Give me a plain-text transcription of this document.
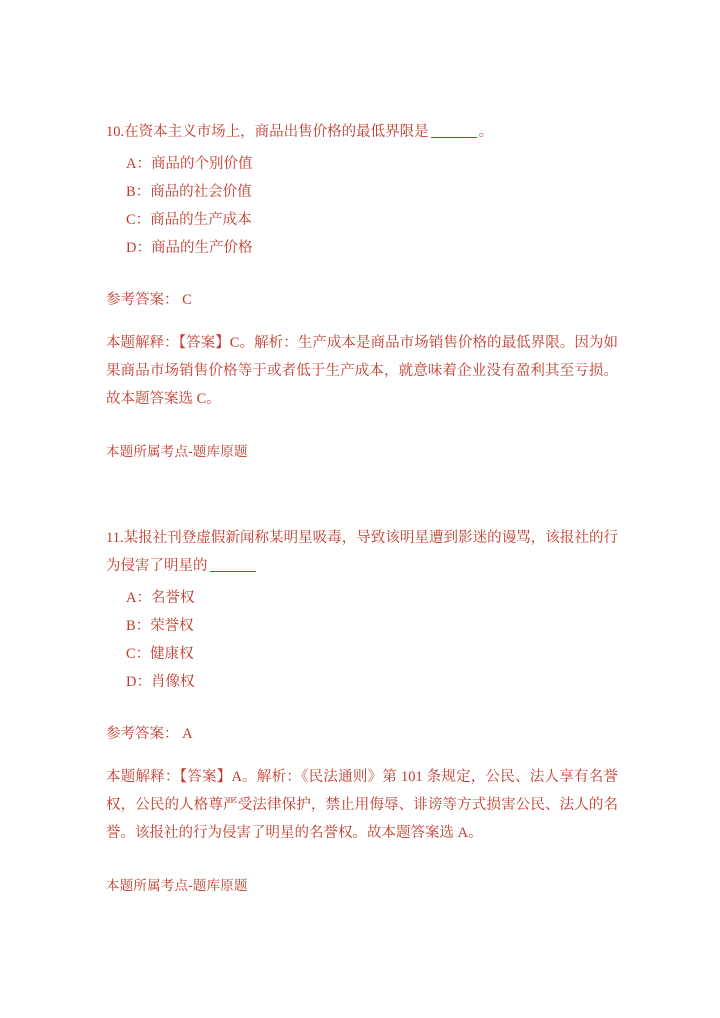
10.在资本主义市场上，商品出售价格的最低界限是	。

A：商品的个别价值
B：商品的社会价值
C：商品的生产成本
D：商品的生产价格

参考答案： C

本题解释：【答案】C。解析：生产成本是商品市场销售价格的最低界限。因为如果商品市场销售价格等于或者低于生产成本，就意味着企业没有盈利其至亏损。故本题答案选 C。

本题所属考点-题库原题

11.某报社刊登虚假新闻称某明星吸毒，导致该明星遭到影迷的谩骂，该报社的行为侵害了明星的

A：名誉权
B：荣誉权
C：健康权
D：肖像权

参考答案： A

本题解释：【答案】A。解析：《民法通则》第 101 条规定，公民、法人享有名誉权，公民的人格尊严受法律保护，禁止用侮辱、诽谤等方式损害公民、法人的名誉。该报社的行为侵害了明星的名誉权。故本题答案选 A。

本题所属考点-题库原题
